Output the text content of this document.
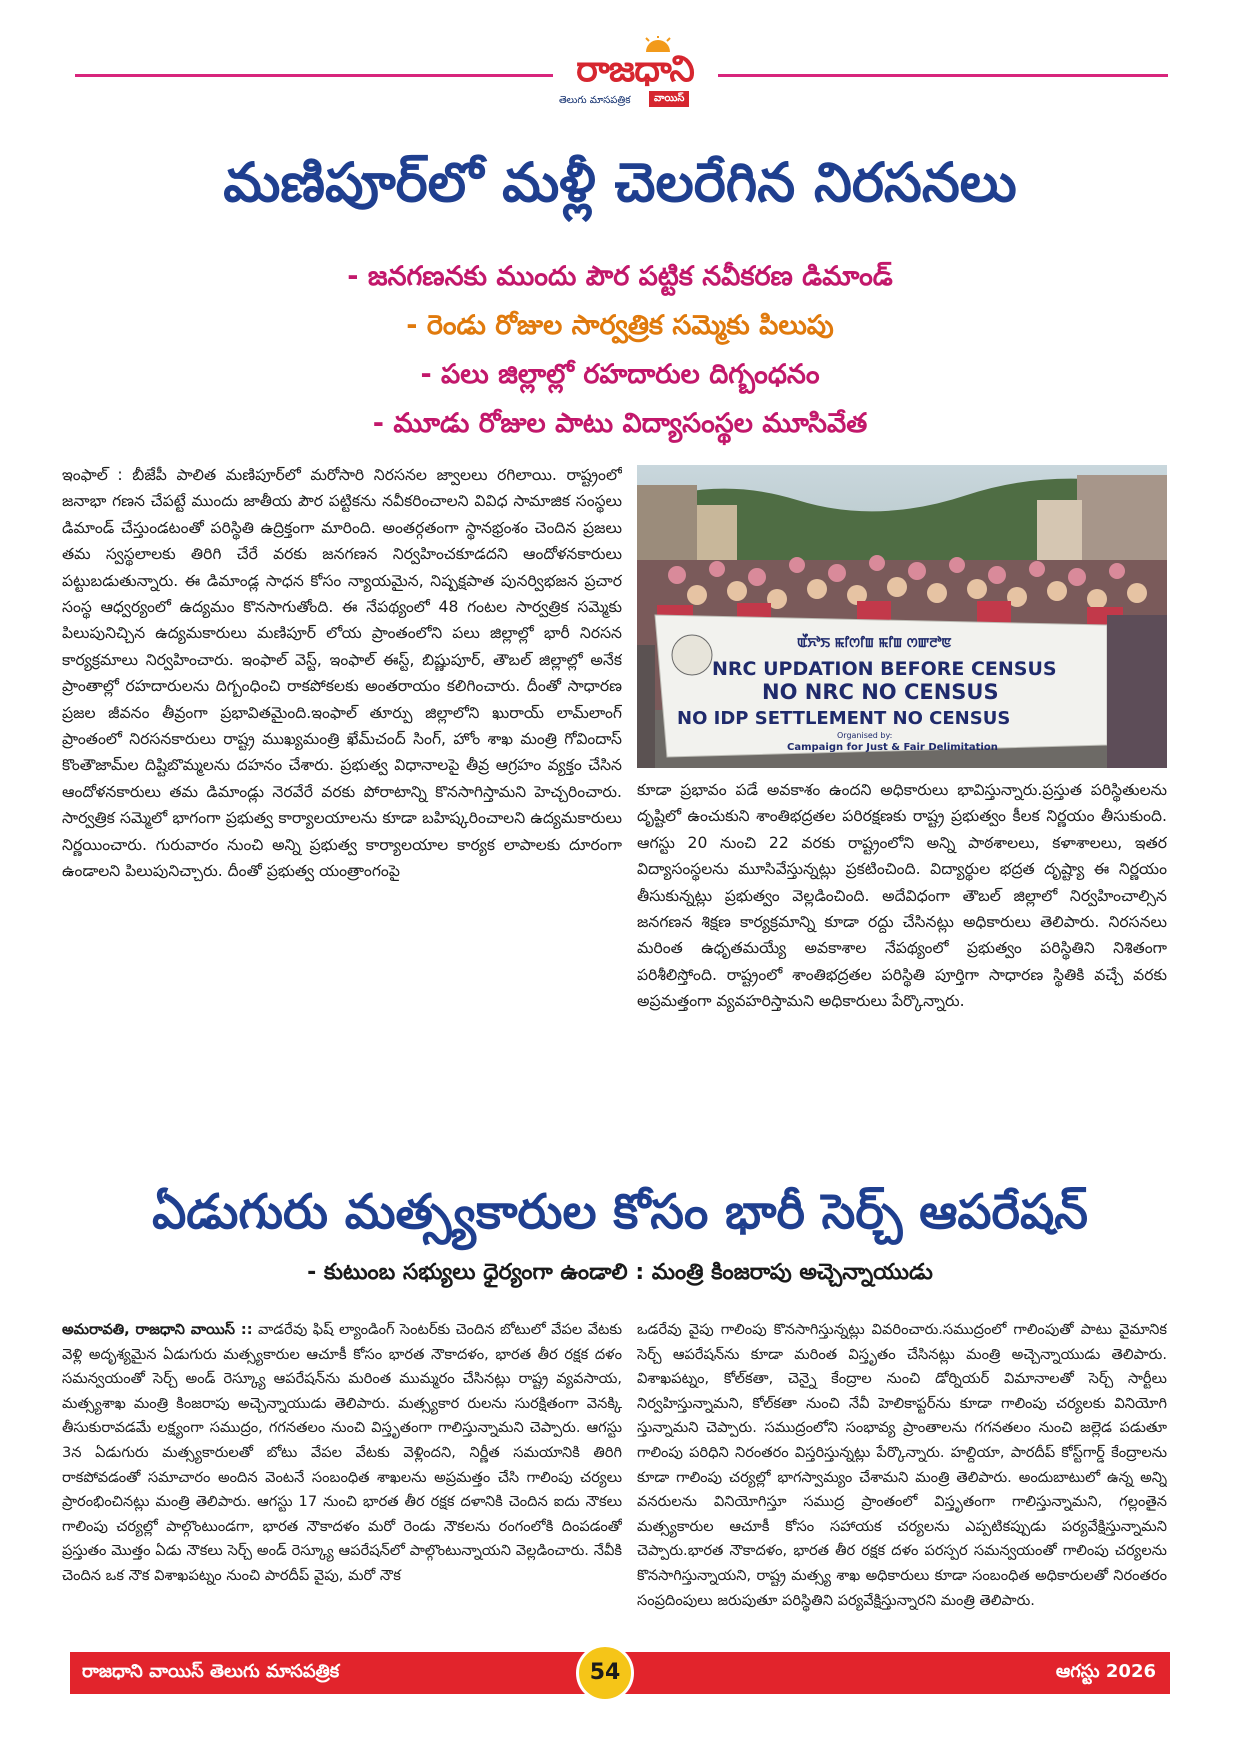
రాజధాని
తెలుగు మాసపత్రిక	వాయిస్
మణిపూర్‌లో మళ్లీ చెలరేగిన నిరసనలు
- జనగణనకు ముందు పౌర పట్టిక నవీకరణ డిమాండ్
- రెండు రోజుల సార్వత్రిక సమ్మెకు పిలుపు
- పలు జిల్లాల్లో రహదారుల దిగ్బంధనం
- మూడు రోజుల పాటు విద్యాసంస్థల మూసివేత
ఇంఫాల్ : బీజేపీ పాలిత మణిపూర్‌లో మరోసారి నిరసనల జ్వాలలు రగిలాయి. రాష్ట్రంలో జనాభా గణన చేపట్టే ముందు జాతీయ పౌర పట్టికను నవీకరించాలని వివిధ సామాజిక సంస్థలు డిమాండ్ చేస్తుండటంతో పరిస్థితి ఉద్రిక్తంగా మారింది. అంతర్గతంగా స్థానభ్రంశం చెందిన ప్రజలు తమ స్వస్థలాలకు తిరిగి చేరే వరకు జనగణన నిర్వహించకూడదని ఆందోళనకారులు పట్టుబడుతున్నారు. ఈ డిమాండ్ల సాధన కోసం న్యాయమైన, నిష్పక్షపాత పునర్విభజన ప్రచార సంస్థ ఆధ్వర్యంలో ఉద్యమం కొనసాగుతోంది. ఈ నేపథ్యంలో 48 గంటల సార్వత్రిక సమ్మెకు పిలుపునిచ్చిన ఉద్యమకారులు మణిపూర్ లోయ ప్రాంతంలోని పలు జిల్లాల్లో భారీ నిరసన కార్యక్రమాలు నిర్వహించారు. ఇంఫాల్ వెస్ట్, ఇంఫాల్ ఈస్ట్, బిష్ణుపూర్, తౌబల్ జిల్లాల్లో అనేక ప్రాంతాల్లో రహదారులను దిగ్బంధించి రాకపోకలకు అంతరాయం కలిగించారు. దీంతో సాధారణ ప్రజల జీవనం తీవ్రంగా ప్రభావితమైంది.ఇంఫాల్ తూర్పు జిల్లాలోని ఖురాయ్ లామ్‌లాంగ్ ప్రాంతంలో నిరసనకారులు రాష్ట్ర ముఖ్యమంత్రి ఖేమ్‌చంద్ సింగ్, హోం శాఖ మంత్రి గోవిందాస్ కొంతౌజామ్‌ల దిష్టిబొమ్మలను దహనం చేశారు. ప్రభుత్వ విధానాలపై తీవ్ర ఆగ్రహం వ్యక్తం చేసిన ఆందోళనకారులు తమ డిమాండ్లు నెరవేరే వరకు పోరాటాన్ని కొనసాగిస్తామని హెచ్చరించారు. సార్వత్రిక సమ్మెలో భాగంగా ప్రభుత్వ కార్యాలయాలను కూడా బహిష్కరించాలని ఉద్యమకారులు నిర్ణయించారు. గురువారం నుంచి అన్ని ప్రభుత్వ కార్యాలయాల కార్యక లాపాలకు దూరంగా ఉండాలని పిలుపునిచ్చారు. దీంతో ప్రభుత్వ యంత్రాంగంపై
ꯑꯩꯈꯣꯏ ꯃꯤꯁꯤꯡ ꯃꯤꯡ ꯁꯛꯂꯣꯟ
NRC UPDATION BEFORE CENSUS
NO NRC NO CENSUS
NO IDP SETTLEMENT NO CENSUS
Organised by:
Campaign for Just & Fair Delimitation
కూడా ప్రభావం పడే అవకాశం ఉందని అధికారులు భావిస్తున్నారు.ప్రస్తుత పరిస్థితులను దృష్టిలో ఉంచుకుని శాంతిభద్రతల పరిరక్షణకు రాష్ట్ర ప్రభుత్వం కీలక నిర్ణయం తీసుకుంది. ఆగస్టు 20 నుంచి 22 వరకు రాష్ట్రంలోని అన్ని పాఠశాలలు, కళాశాలలు, ఇతర విద్యాసంస్థలను మూసివేస్తున్నట్లు ప్రకటించింది. విద్యార్థుల భద్రత దృష్ట్యా ఈ నిర్ణయం తీసుకున్నట్లు ప్రభుత్వం వెల్లడించింది. అదేవిధంగా తౌబల్ జిల్లాలో నిర్వహించాల్సిన జనగణన శిక్షణ కార్యక్రమాన్ని కూడా రద్దు చేసినట్లు అధికారులు తెలిపారు. నిరసనలు మరింత ఉధృతమయ్యే అవకాశాల నేపథ్యంలో ప్రభుత్వం పరిస్థితిని నిశితంగా పరిశీలిస్తోంది. రాష్ట్రంలో శాంతిభద్రతల పరిస్థితి పూర్తిగా సాధారణ స్థితికి వచ్చే వరకు అప్రమత్తంగా వ్యవహరిస్తామని అధికారులు పేర్కొన్నారు.
ఏడుగురు మత్స్యకారుల కోసం భారీ సెర్చ్ ఆపరేషన్
- కుటుంబ సభ్యులు ధైర్యంగా ఉండాలి : మంత్రి కింజరాపు అచ్చెన్నాయుడు
అమరావతి, రాజధాని వాయిస్ :: వాడరేవు ఫిష్ ల్యాండింగ్ సెంటర్‌కు చెందిన బోటులో వేపల వేటకు వెళ్లి అదృశ్యమైన ఏడుగురు మత్స్యకారుల ఆచూకీ కోసం భారత నౌకాదళం, భారత తీర రక్షక దళం సమన్వయంతో సెర్చ్ అండ్ రెస్క్యూ ఆపరేషన్‌ను మరింత ముమ్మరం చేసినట్లు రాష్ట్ర వ్యవసాయ, మత్స్యశాఖ మంత్రి కింజరాపు అచ్చెన్నాయుడు తెలిపారు. మత్స్యకార రులను సురక్షితంగా వెనక్కి తీసుకురావడమే లక్ష్యంగా సముద్రం, గగనతలం నుంచి విస్తృతంగా గాలిస్తున్నామని చెప్పారు. ఆగస్టు 3న ఏడుగురు మత్స్యకారులతో బోటు వేపల వేటకు వెళ్లిందని, నిర్ణీత సమయానికి తిరిగి రాకపోవడంతో సమాచారం అందిన వెంటనే సంబంధిత శాఖలను అప్రమత్తం చేసి గాలింపు చర్యలు ప్రారంభించినట్లు మంత్రి తెలిపారు. ఆగస్టు 17 నుంచి భారత తీర రక్షక దళానికి చెందిన ఐదు నౌకలు గాలింపు చర్యల్లో పాల్గొంటుండగా, భారత నౌకాదళం మరో రెండు నౌకలను రంగంలోకి దింపడంతో ప్రస్తుతం మొత్తం ఏడు నౌకలు సెర్చ్ అండ్ రెస్క్యూ ఆపరేషన్‌లో పాల్గొంటున్నాయని వెల్లడించారు. నేవీకి చెందిన ఒక నౌక విశాఖపట్నం నుంచి పారదీప్ వైపు, మరో నౌక
ఒడరేవు వైపు గాలింపు కొనసాగిస్తున్నట్లు వివరించారు.సముద్రంలో గాలింపుతో పాటు వైమానిక సెర్చ్ ఆపరేషన్‌ను కూడా మరింత విస్తృతం చేసినట్లు మంత్రి అచ్చెన్నాయుడు తెలిపారు. విశాఖపట్నం, కోల్‌కతా, చెన్నై కేంద్రాల నుంచి డోర్నియర్ విమానాలతో సెర్చ్ సార్టీలు నిర్వహిస్తున్నామని, కోల్‌కతా నుంచి నేవీ హెలికాప్టర్‌ను కూడా గాలింపు చర్యలకు వినియోగి స్తున్నామని చెప్పారు. సముద్రంలోని సంభావ్య ప్రాంతాలను గగనతలం నుంచి జల్లెడ పడుతూ గాలింపు పరిధిని నిరంతరం విస్తరిస్తున్నట్లు పేర్కొన్నారు. హల్దియా, పారదీప్ కోస్ట్‌గార్డ్ కేంద్రాలను కూడా గాలింపు చర్యల్లో భాగస్వామ్యం చేశామని మంత్రి తెలిపారు. అందుబాటులో ఉన్న అన్ని వనరులను వినియోగిస్తూ సముద్ర ప్రాంతంలో విస్తృతంగా గాలిస్తున్నామని, గల్లంతైన మత్స్యకారుల ఆచూకీ కోసం సహాయక చర్యలను ఎప్పటికప్పుడు పర్యవేక్షిస్తున్నామని చెప్పారు.భారత నౌకాదళం, భారత తీర రక్షక దళం పరస్పర సమన్వయంతో గాలింపు చర్యలను కొనసాగిస్తున్నాయని, రాష్ట్ర మత్స్య శాఖ అధికారులు కూడా సంబంధిత అధికారులతో నిరంతరం సంప్రదింపులు జరుపుతూ పరిస్థితిని పర్యవేక్షిస్తున్నారని మంత్రి తెలిపారు.
రాజధాని వాయిస్ తెలుగు మాసపత్రిక	ఆగస్టు 2026
54
